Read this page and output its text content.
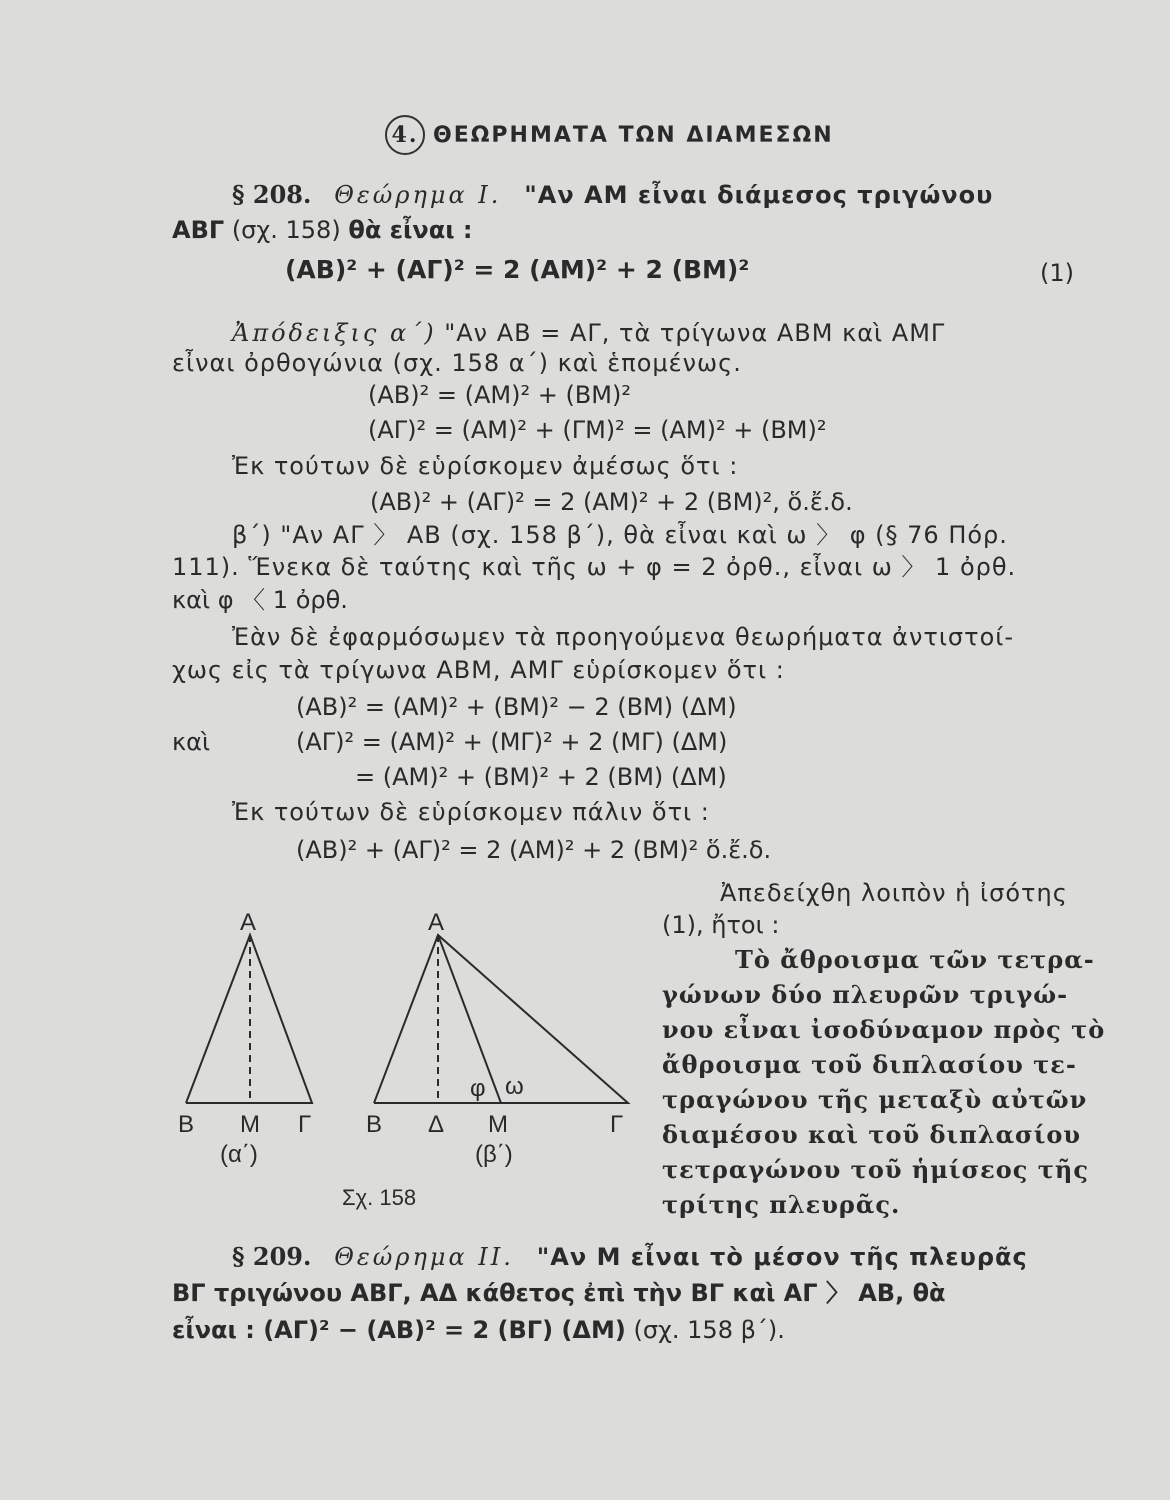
4. ΘΕΩΡΗΜΑΤΑ ΤΩΝ ΔΙΑΜΕΣΩΝ
§ 208. Θεώρημα I. "Αν ΑΜ εἶναι διάμεσος τριγώνου
ΑΒΓ (σχ. 158) θὰ εἶναι :
(ΑΒ)² + (ΑΓ)² = 2 (ΑΜ)² + 2 (ΒΜ)²	(1)
Ἀπόδειξις α΄) "Αν ΑΒ = ΑΓ, τὰ τρίγωνα ΑΒΜ καὶ ΑΜΓ
εἶναι ὀρθογώνια (σχ. 158 α΄) καὶ ἑπομένως.
(ΑΒ)² = (ΑΜ)² + (ΒΜ)²
(ΑΓ)² = (ΑΜ)² + (ΓΜ)² = (ΑΜ)² + (ΒΜ)²
Ἐκ τούτων δὲ εὑρίσκομεν ἀμέσως ὅτι :
(ΑΒ)² + (ΑΓ)² = 2 (ΑΜ)² + 2 (ΒΜ)², ὅ.ἔ.δ.
β΄) "Αν ΑΓ 〉 ΑΒ (σχ. 158 β΄), θὰ εἶναι καὶ ω 〉 φ (§ 76 Πόρ.
111). Ἕνεκα δὲ ταύτης καὶ τῆς ω + φ = 2 ὀρθ., εἶναι ω 〉 1 ὀρθ.
καὶ φ 〈 1 ὀρθ.
Ἐὰν δὲ ἐφαρμόσωμεν τὰ προηγούμενα θεωρήματα ἀντιστοί-
χως εἰς τὰ τρίγωνα ΑΒΜ, ΑΜΓ εὑρίσκομεν ὅτι :
(ΑΒ)² = (ΑΜ)² + (ΒΜ)² − 2 (ΒΜ) (ΔΜ)
καὶ	(ΑΓ)² = (ΑΜ)² + (ΜΓ)² + 2 (ΜΓ) (ΔΜ)
= (ΑΜ)² + (ΒΜ)² + 2 (ΒΜ) (ΔΜ)
Ἐκ τούτων δὲ εὑρίσκομεν πάλιν ὅτι :
(ΑΒ)² + (ΑΓ)² = 2 (ΑΜ)² + 2 (ΒΜ)² ὅ.ἔ.δ.
Ἀπεδείχθη λοιπὸν ἡ ἰσότης
(1), ἤτοι :
Τὸ ἄθροισμα τῶν τετρα-
γώνων δύο πλευρῶν τριγώ-
νου εἶναι ἰσοδύναμον πρὸς τὸ
ἄθροισμα τοῦ διπλασίου τε-
τραγώνου τῆς μεταξὺ αὐτῶν
διαμέσου καὶ τοῦ διπλασίου
τετραγώνου τοῦ ἡμίσεος τῆς
τρίτης πλευρᾶς.
Α
Β Μ Γ
(α΄)
Α
Β Δ Μ	Γ
φ ω
(β΄)
Σχ. 158
§ 209. Θεώρημα II. "Αν Μ εἶναι τὸ μέσον τῆς πλευρᾶς
ΒΓ τριγώνου ΑΒΓ, ΑΔ κάθετος ἐπὶ τὴν ΒΓ καὶ ΑΓ 〉 ΑΒ, θὰ
εἶναι : (ΑΓ)² − (ΑΒ)² = 2 (ΒΓ) (ΔΜ) (σχ. 158 β΄).
